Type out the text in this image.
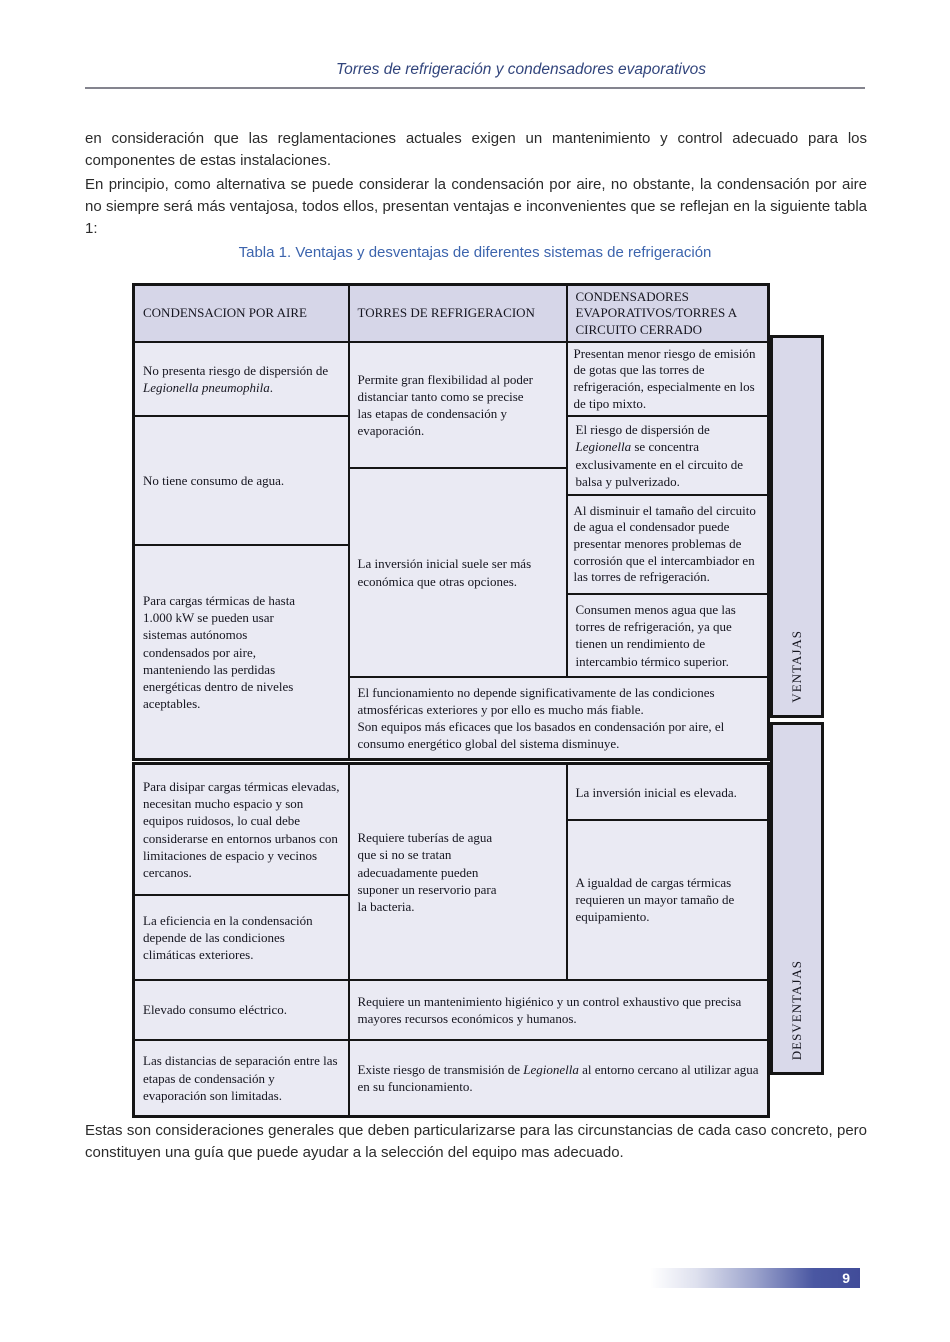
Torres de refrigeración y condensadores evaporativos

en consideración que las reglamentaciones actuales exigen un mantenimiento y control adecuado para los componentes de estas instalaciones.

En principio, como alternativa se puede considerar la condensación por aire, no obstante, la condensación por aire no siempre será más ventajosa, todos ellos, presentan ventajas e inconvenientes que se reflejan en la siguiente tabla 1:

Tabla 1. Ventajas y desventajas de diferentes sistemas de refrigeración
CONDENSACION POR AIRE	TORRES DE REFRIGERACION	CONDENSADORES EVAPORATIVOS/TORRES A CIRCUITO CERRADO
No presenta riesgo de dispersión de Legionella pneumophila.	Permite gran flexibilidad al poder distanciar tanto como se precise las etapas de condensación y evaporación.	Presentan menor riesgo de emisión de gotas que las torres de refrigeración, especialmente en los de tipo mixto.
No tiene consumo de agua.		El riesgo de dispersión de Legionella se concentra exclusivamente en el circuito de balsa y pulverizado.
	La inversión inicial suele ser más económica que otras opciones.	
		Al disminuir el tamaño del circuito de agua el condensador puede presentar menores problemas de corrosión que el intercambiador en las torres de refrigeración.
Para cargas térmicas de hasta 1.000 kW se pueden usar sistemas autónomos condensados por aire, manteniendo las perdidas energéticas dentro de niveles aceptables.		
		Consumen menos agua que las torres de refrigeración, ya que tienen un rendimiento de intercambio térmico superior.

	El funcionamiento no depende significativamente de las condiciones atmosféricas exteriores y por ello es mucho más fiable.
Son equipos más eficaces que los basados en condensación por aire, el consumo energético global del sistema disminuye.	
Para disipar cargas térmicas elevadas, necesitan mucho espacio y son equipos ruidosos, lo cual debe considerarse en entornos urbanos con limitaciones de espacio y vecinos cercanos.	Requiere tuberías de agua que si no se tratan adecuadamente pueden suponer un reservorio para la bacteria.	La inversión inicial es elevada.
		A igualdad de cargas térmicas requieren un mayor tamaño de equipamiento.
La eficiencia en la condensación depende de las condiciones climáticas exteriores.		
Elevado consumo eléctrico.	Requiere un mantenimiento higiénico y un control exhaustivo que precisa mayores recursos económicos y humanos.	
Las distancias de separación entre las etapas de condensación y evaporación son limitadas.	Existe riesgo de transmisión de Legionella al entorno cercano al utilizar agua en su funcionamiento.	
VENTAJAS
DESVENTAJAS

Estas son consideraciones generales que deben particularizarse para las circunstancias de cada caso concreto, pero constituyen una guía que puede ayudar a la selección del equipo mas adecuado.

9
